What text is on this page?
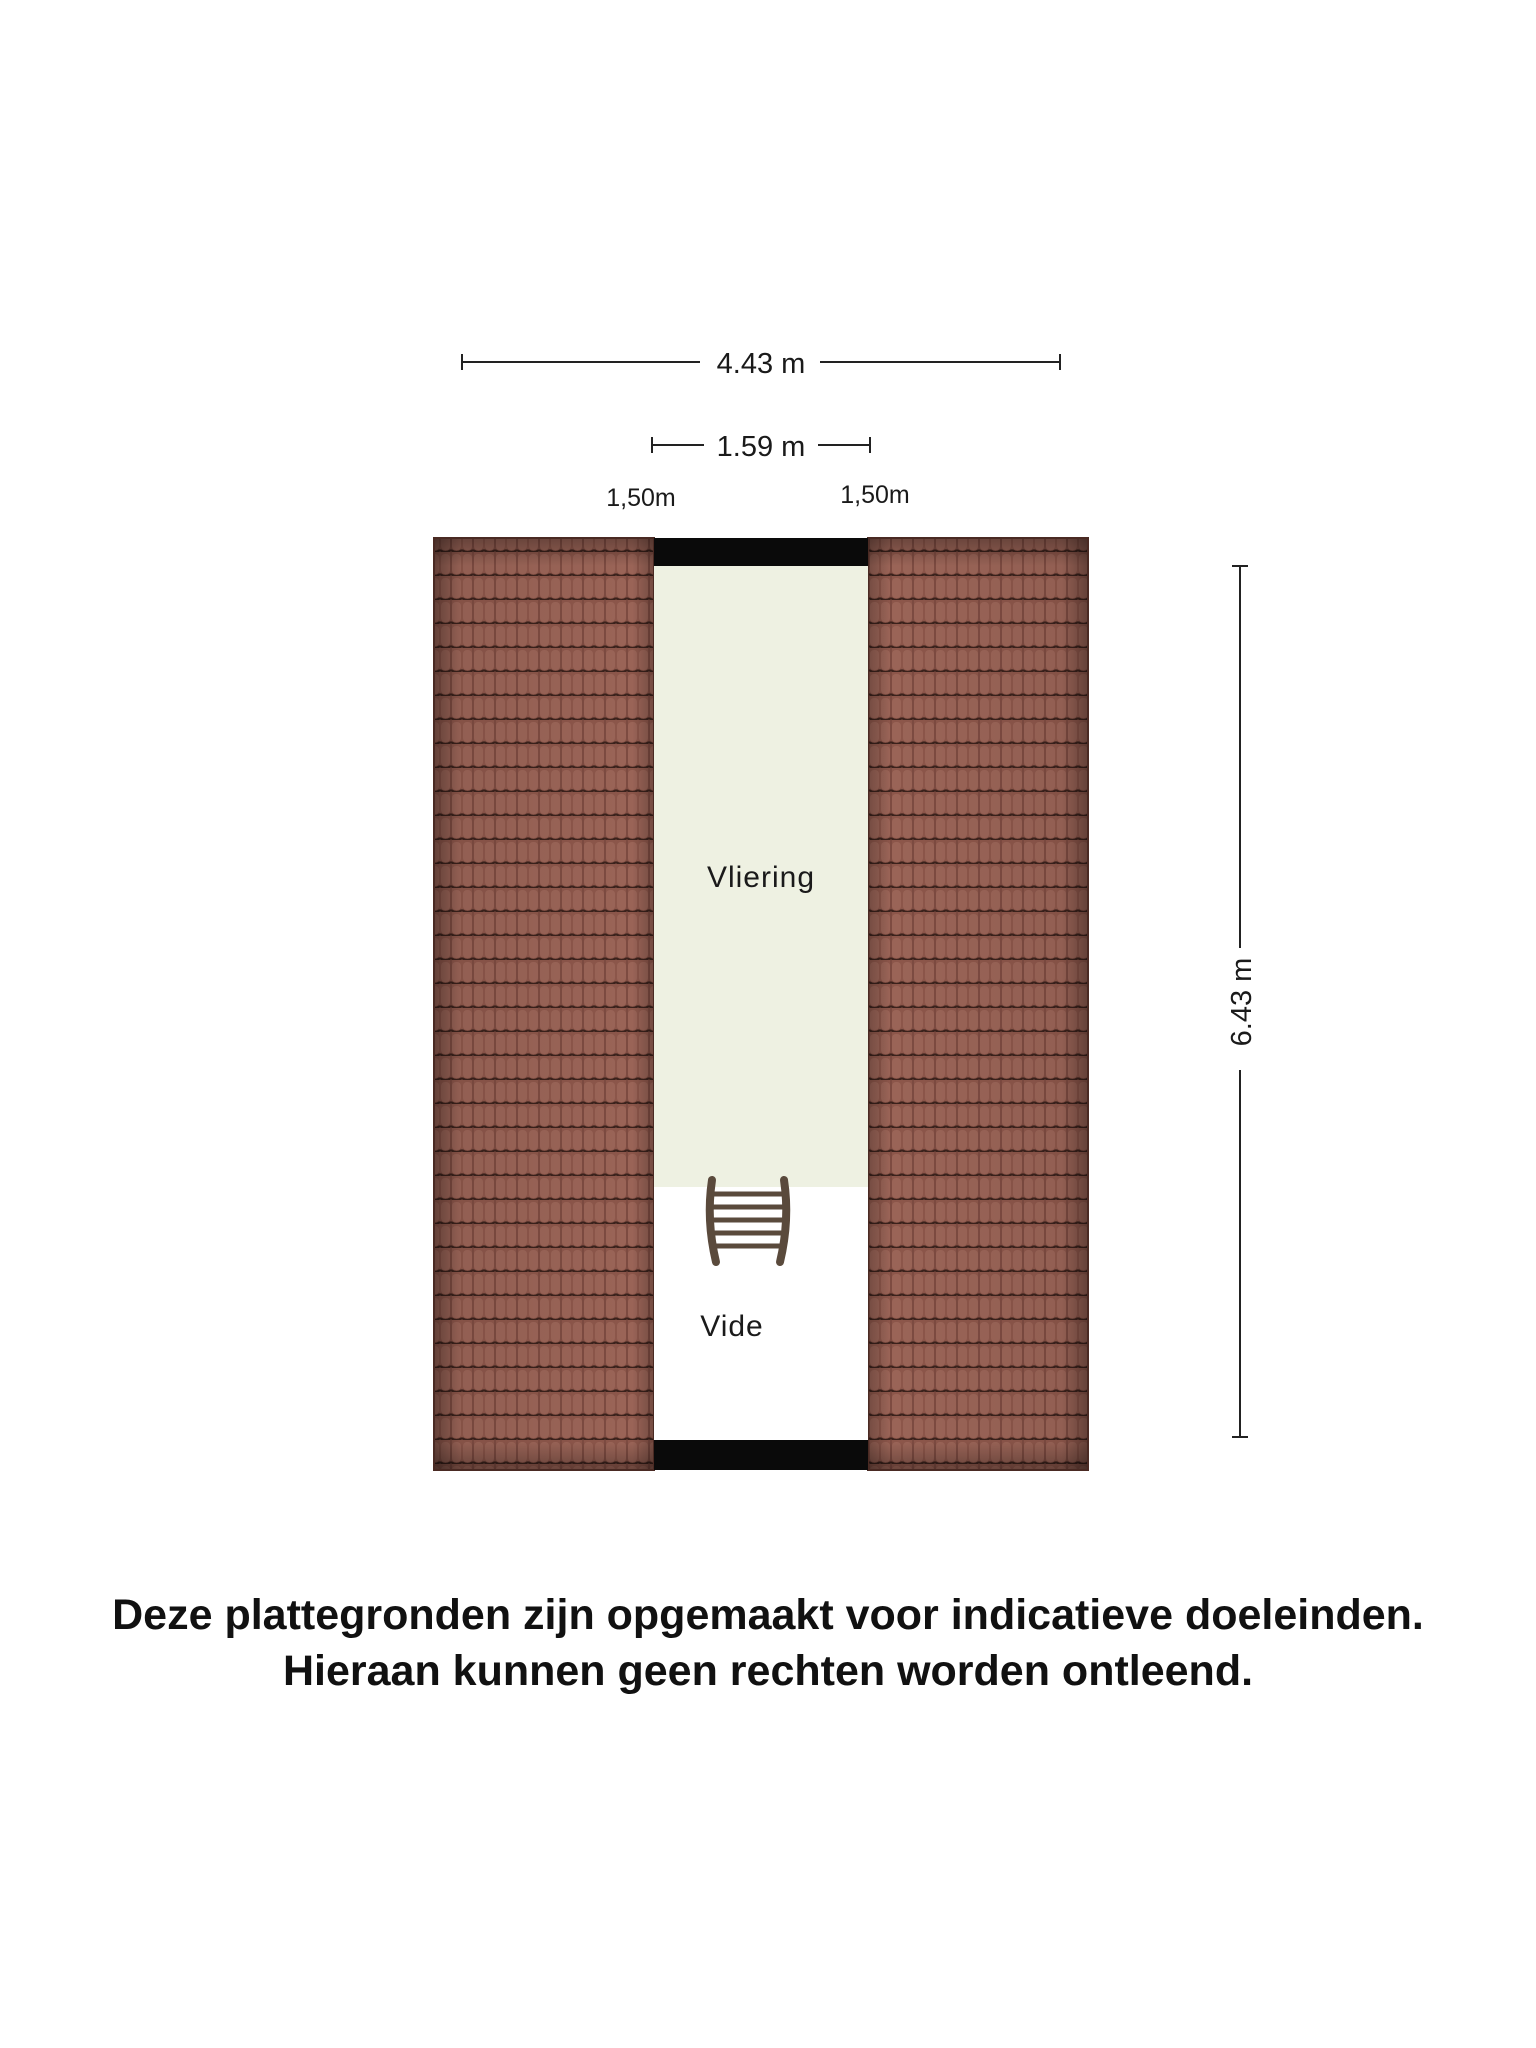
4.43 m
1.59 m
1,50m	1,50m
6.43 m
Vliering
Vide
Deze plattegronden zijn opgemaakt voor indicatieve doeleinden.
Hieraan kunnen geen rechten worden ontleend.
